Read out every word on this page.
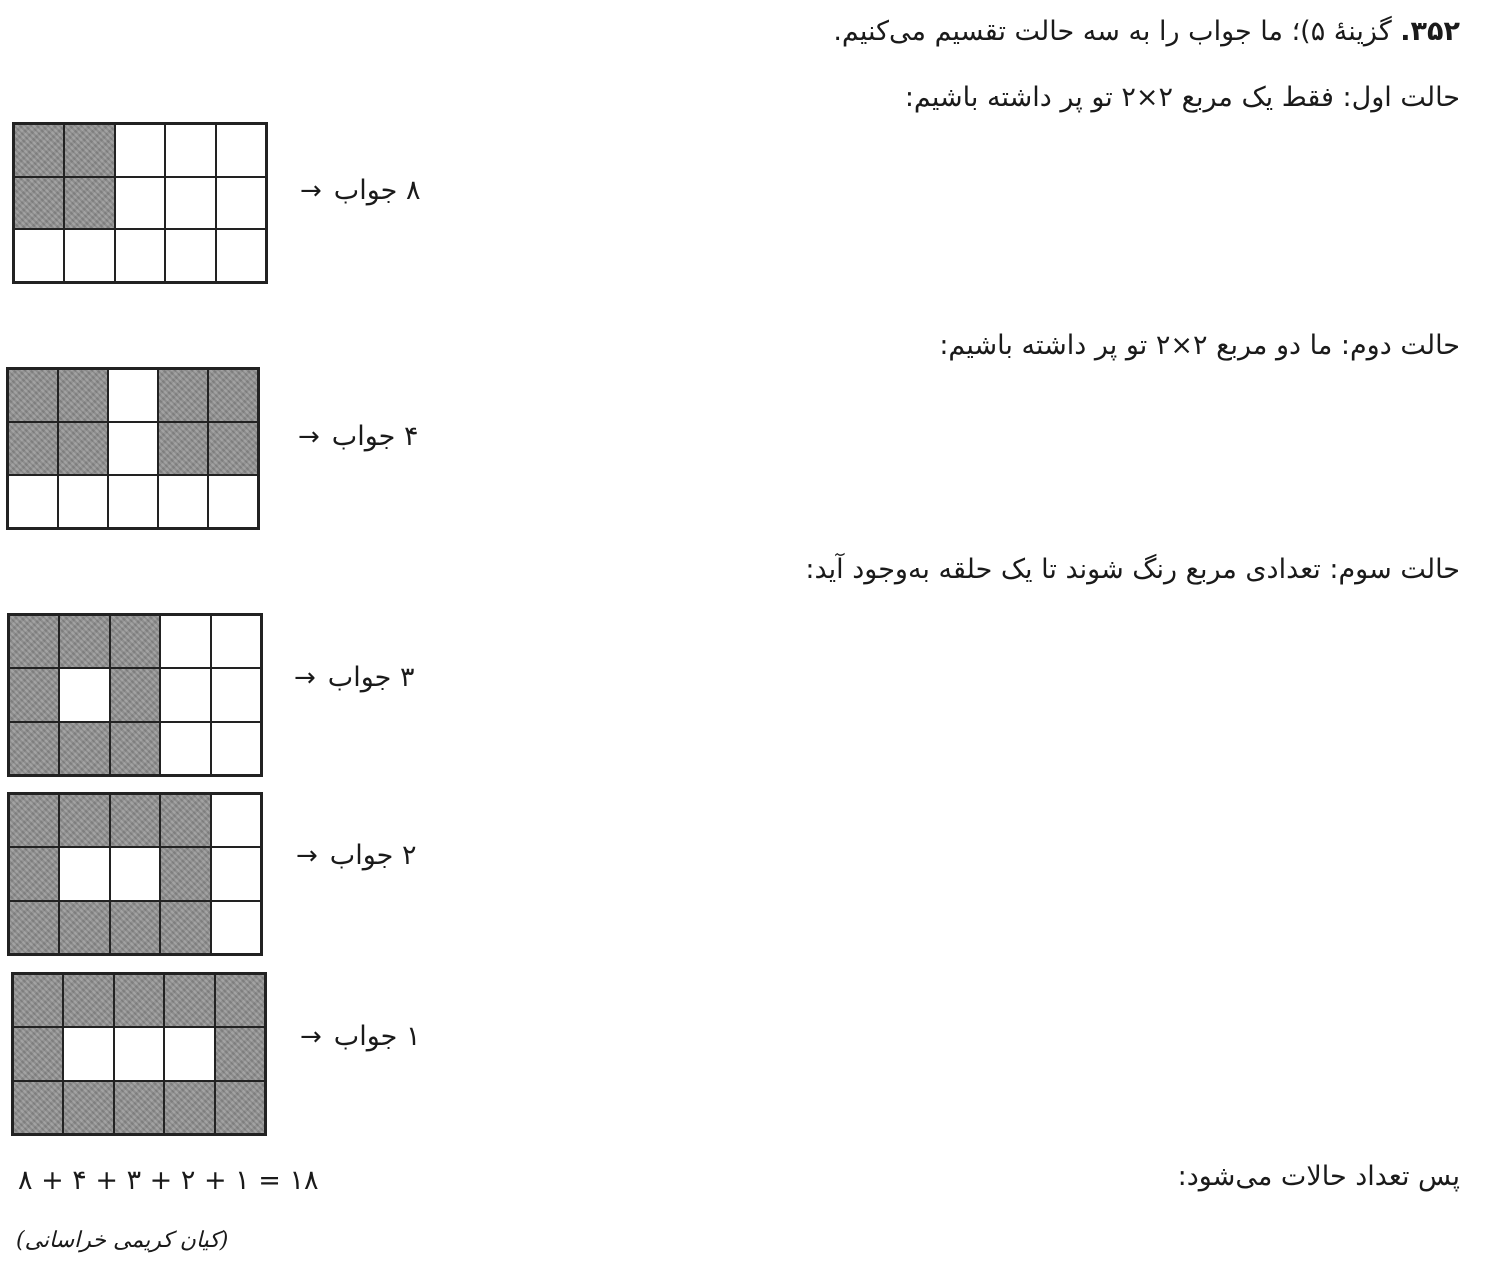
۳۵۲. گزینهٔ ۵)؛ ما جواب را به سه حالت تقسیم می‌کنیم.
حالت اول: فقط یک مربع ۲×۲ تو پر داشته باشیم:
حالت دوم: ما دو مربع ۲×۲ تو پر داشته باشیم:
حالت سوم: تعدادی مربع رنگ شوند تا یک حلقه به‌وجود آید:
پس تعداد حالات می‌شود:
→ ۸ جواب
→ ۴ جواب
→ ۳ جواب
→ ۲ جواب
→ ۱ جواب
۸ + ۴ + ۳ + ۲ + ۱ = ۱۸
(کیان کریمی خراسانی)
